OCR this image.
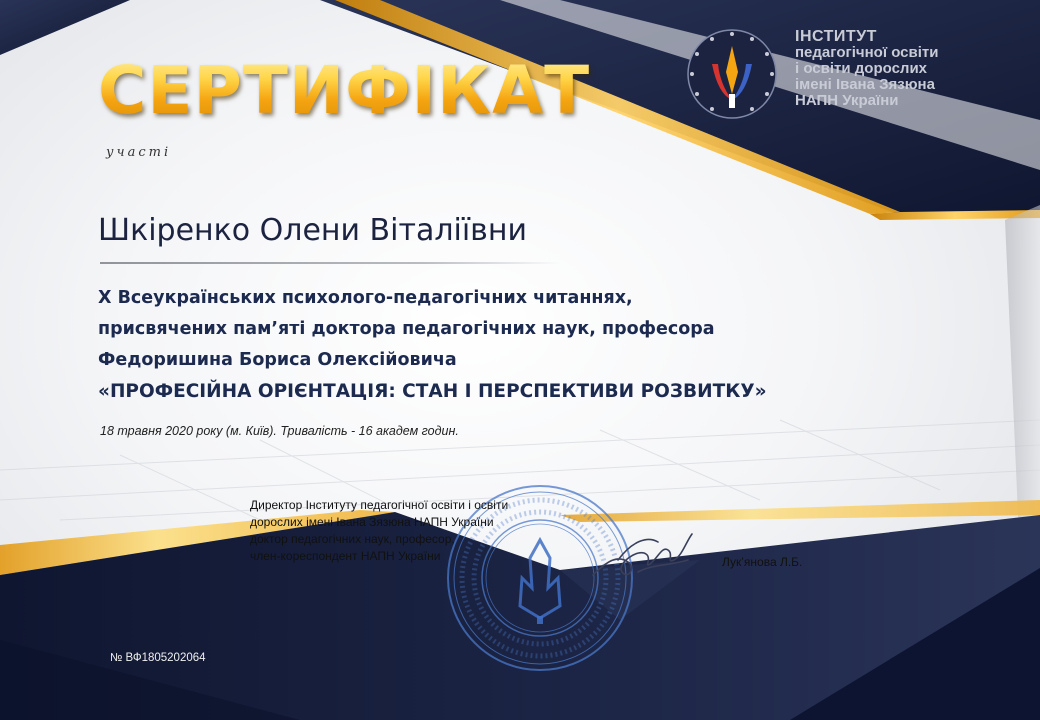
ІНСТИТУТ
педагогічної освіти
і освіти дорослих
імені Івана Зязюна
НАПН України
СЕРТИФІКАТ
участі
Шкіренко Олени Віталіївни
Х Всеукраїнських психолого-педагогічних читаннях,
присвячених пам’яті доктора педагогічних наук, професора
Федоришина Бориса Олексійовича
«ПРОФЕСІЙНА ОРІЄНТАЦІЯ: СТАН І ПЕРСПЕКТИВИ РОЗВИТКУ»
18 травня 2020 року (м. Київ). Тривалість - 16 академ годин.
Директор Інституту педагогічної освіти і освіти
дорослих імені Івана Зязюна НАПН України
доктор педагогічних наук, професор,
член-кореспондент НАПН України	Лук’янова Л.Б.
№ ВФ1805202064
